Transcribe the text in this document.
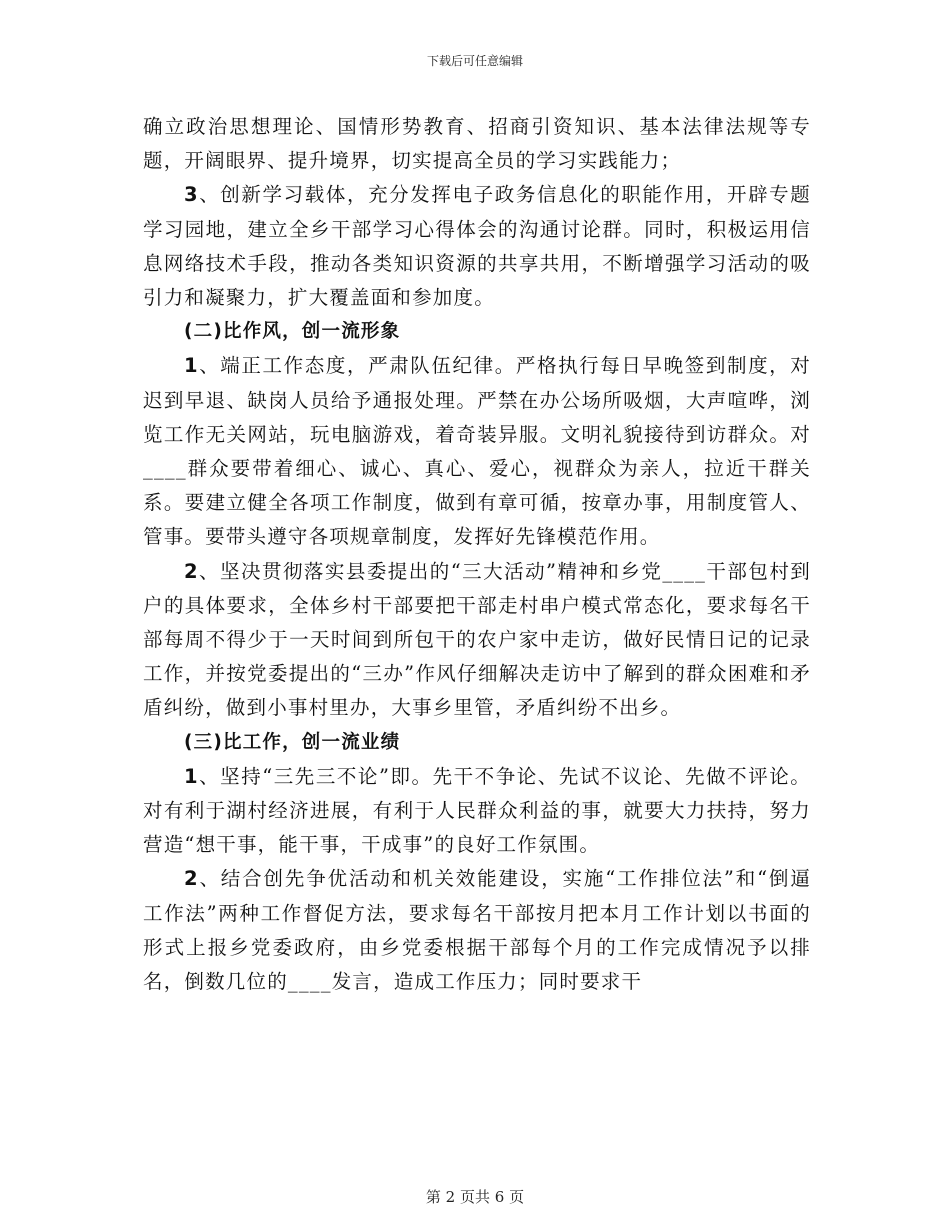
下载后可任意编辑

确立政治思想理论、国情形势教育、招商引资知识、基本法律法规等专题，开阔眼界、提升境界，切实提高全员的学习实践能力；

3、创新学习载体，充分发挥电子政务信息化的职能作用，开辟专题学习园地，建立全乡干部学习心得体会的沟通讨论群。同时，积极运用信息网络技术手段，推动各类知识资源的共享共用，不断增强学习活动的吸引力和凝聚力，扩大覆盖面和参加度。

(二)比作风，创一流形象

1、端正工作态度，严肃队伍纪律。严格执行每日早晚签到制度，对迟到早退、缺岗人员给予通报处理。严禁在办公场所吸烟，大声喧哗，浏览工作无关网站，玩电脑游戏，着奇装异服。文明礼貌接待到访群众。对____群众要带着细心、诚心、真心、爱心，视群众为亲人，拉近干群关系。要建立健全各项工作制度，做到有章可循，按章办事，用制度管人、管事。要带头遵守各项规章制度，发挥好先锋模范作用。

2、坚决贯彻落实县委提出的“三大活动”精神和乡党____干部包村到户的具体要求，全体乡村干部要把干部走村串户模式常态化，要求每名干部每周不得少于一天时间到所包干的农户家中走访，做好民情日记的记录工作，并按党委提出的“三办”作风仔细解决走访中了解到的群众困难和矛盾纠纷，做到小事村里办，大事乡里管，矛盾纠纷不出乡。

(三)比工作，创一流业绩

1、坚持“三先三不论”即。先干不争论、先试不议论、先做不评论。对有利于湖村经济进展，有利于人民群众利益的事，就要大力扶持，努力营造“想干事，能干事，干成事”的良好工作氛围。

2、结合创先争优活动和机关效能建设，实施“工作排位法”和“倒逼工作法”两种工作督促方法，要求每名干部按月把本月工作计划以书面的形式上报乡党委政府，由乡党委根据干部每个月的工作完成情况予以排名，倒数几位的____发言，造成工作压力；同时要求干

第 2 页共 6 页
